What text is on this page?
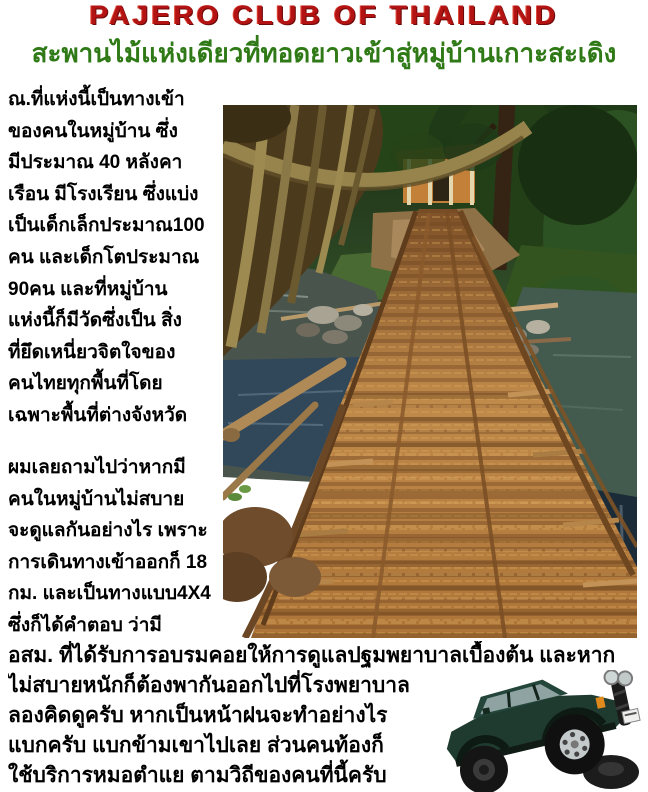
PAJERO CLUB OF THAILAND
สะพานไม้แห่งเดียวที่ทอดยาวเข้าสู่หมู่บ้านเกาะสะเดิง
ณ.ที่แห่งนี้เป็นทางเข้า
ของคนในหมู่บ้าน ซึ่ง
มีประมาณ 40 หลังคา
เรือน มีโรงเรียน ซึ่งแบ่ง
เป็นเด็กเล็กประมาณ100
คน และเด็กโตประมาณ
90คน และที่หมู่บ้าน
แห่งนี้ก็มีวัดซึ่งเป็น สิ่ง
ที่ยึดเหนี่ยวจิตใจของ
คนไทยทุกพื้นที่โดย
เฉพาะพื้นที่ต่างจังหวัด
ผมเลยถามไปว่าหากมี
คนในหมู่บ้านไม่สบาย
จะดูแลกันอย่างไร เพราะ
การเดินทางเข้าออกก็ 18
กม. และเป็นทางแบบ4X4
ซึ่งก็ได้คำตอบ ว่ามี
อสม. ที่ได้รับการอบรมคอยให้การดูแลปฐมพยาบาลเบื้องต้น และหาก
ไม่สบายหนักก็ต้องพากันออกไปที่โรงพยาบาล
ลองคิดดูครับ หากเป็นหน้าฝนจะทำอย่างไร
แบกครับ แบกข้ามเขาไปเลย ส่วนคนท้องก็
ใช้บริการหมอตำแย ตามวิถีของคนที่นี้ครับ
